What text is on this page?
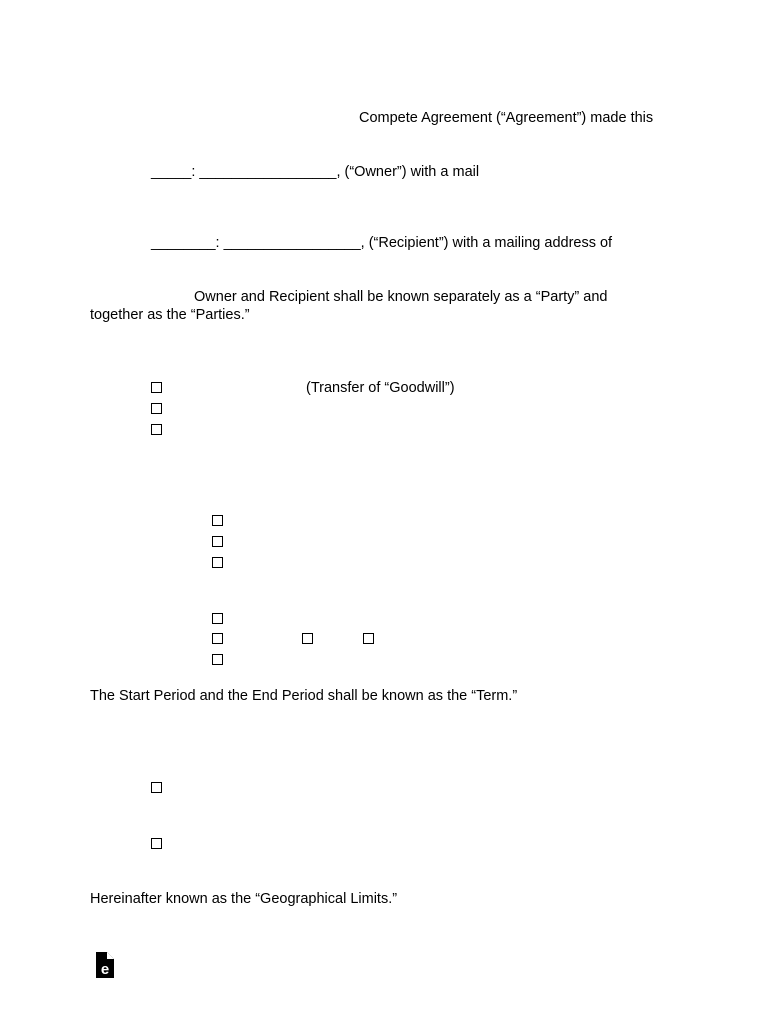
Compete Agreement (“Agreement”) made this
_____: _________________, (“Owner”) with a mail
________: _________________, (“Recipient”) with a mailing address of
Owner and Recipient shall be known separately as a “Party” and
together as the “Parties.”
(Transfer of “Goodwill”)
The Start Period and the End Period shall be known as the “Term.”
Hereinafter known as the “Geographical Limits.”
e
